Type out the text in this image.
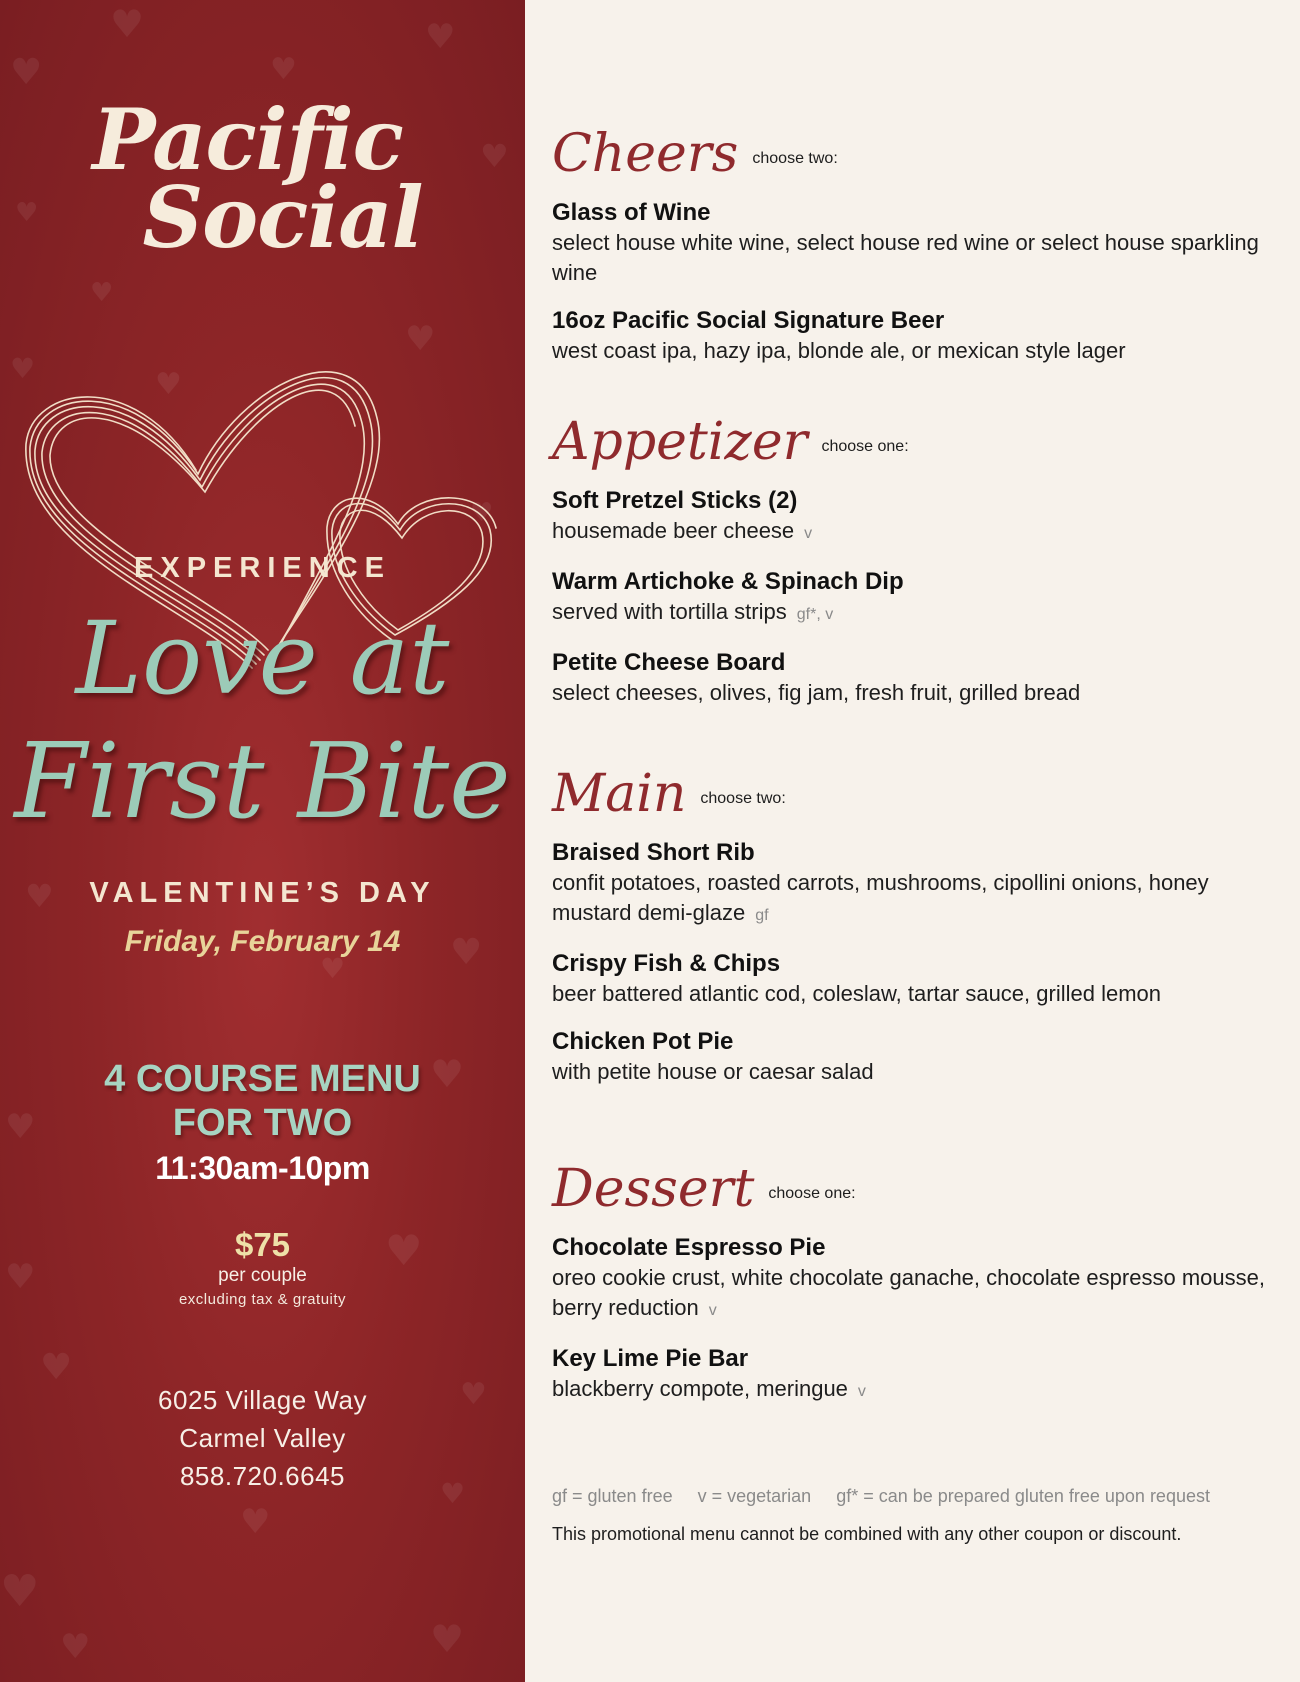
♥	♥
♥	♥
♥
♥
♥
♥
♥	♥
♥
♥
♥
♥
♥
♥
♥
♥
♥
♥
♥
♥
♥
♥	♥
Pacific
Social
EXPERIENCE
Love at
First Bite
VALENTINE’S DAY
Friday, February 14
4 COURSE MENU
FOR TWO
11:30am-10pm
$75
per couple
excluding tax & gratuity
6025 Village Way
Carmel Valley
858.720.6645
Cheers choose two:
Glass of Wine
select house white wine, select house red wine or select house sparkling wine
16oz Pacific Social Signature Beer
west coast ipa, hazy ipa, blonde ale, or mexican style lager
Appetizer choose one:
Soft Pretzel Sticks (2)
housemade beer cheese v
Warm Artichoke & Spinach Dip
served with tortilla strips gf*, v
Petite Cheese Board
select cheeses, olives, fig jam, fresh fruit, grilled bread
Main choose two:
Braised Short Rib
confit potatoes, roasted carrots, mushrooms, cipollini onions, honey mustard demi-glaze gf
Crispy Fish & Chips
beer battered atlantic cod, coleslaw, tartar sauce, grilled lemon
Chicken Pot Pie
with petite house or caesar salad
Dessert choose one:
Chocolate Espresso Pie
oreo cookie crust, white chocolate ganache, chocolate espresso mousse, berry reduction v
Key Lime Pie Bar
blackberry compote, meringue v
gf = gluten free v = vegetarian gf* = can be prepared gluten free upon request
This promotional menu cannot be combined with any other coupon or discount.
